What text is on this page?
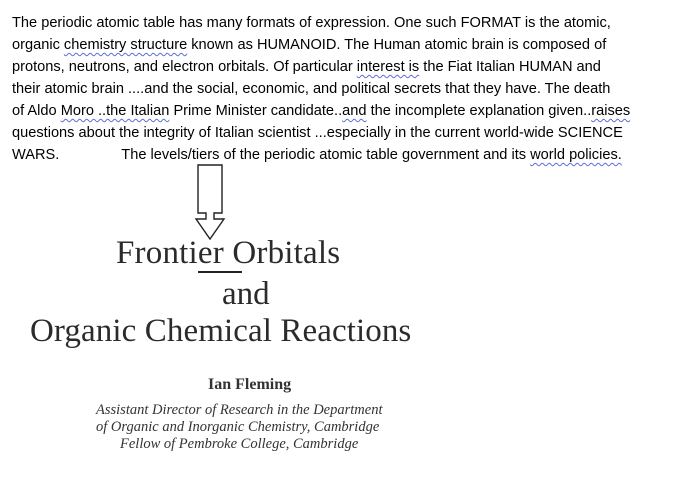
The periodic atomic table has many formats of expression. One such FORMAT is the atomic,
organic chemistry structure known as HUMANOID. The Human atomic brain is composed of
protons, neutrons, and electron orbitals. Of particular interest is the Fiat Italian HUMAN and
their atomic brain ....and the social, economic, and political secrets that they have. The death
of Aldo Moro ..the Italian Prime Minister candidate..and the incomplete explanation given..raises
questions about the integrity of Italian scientist ...especially in the current world-wide SCIENCE
WARS.	The levels/tiers of the periodic atomic table government and its world policies.
Frontier Orbitals
and
Organic Chemical Reactions
Ian Fleming
Assistant Director of Research in the Department
of Organic and Inorganic Chemistry, Cambridge
Fellow of Pembroke College, Cambridge
